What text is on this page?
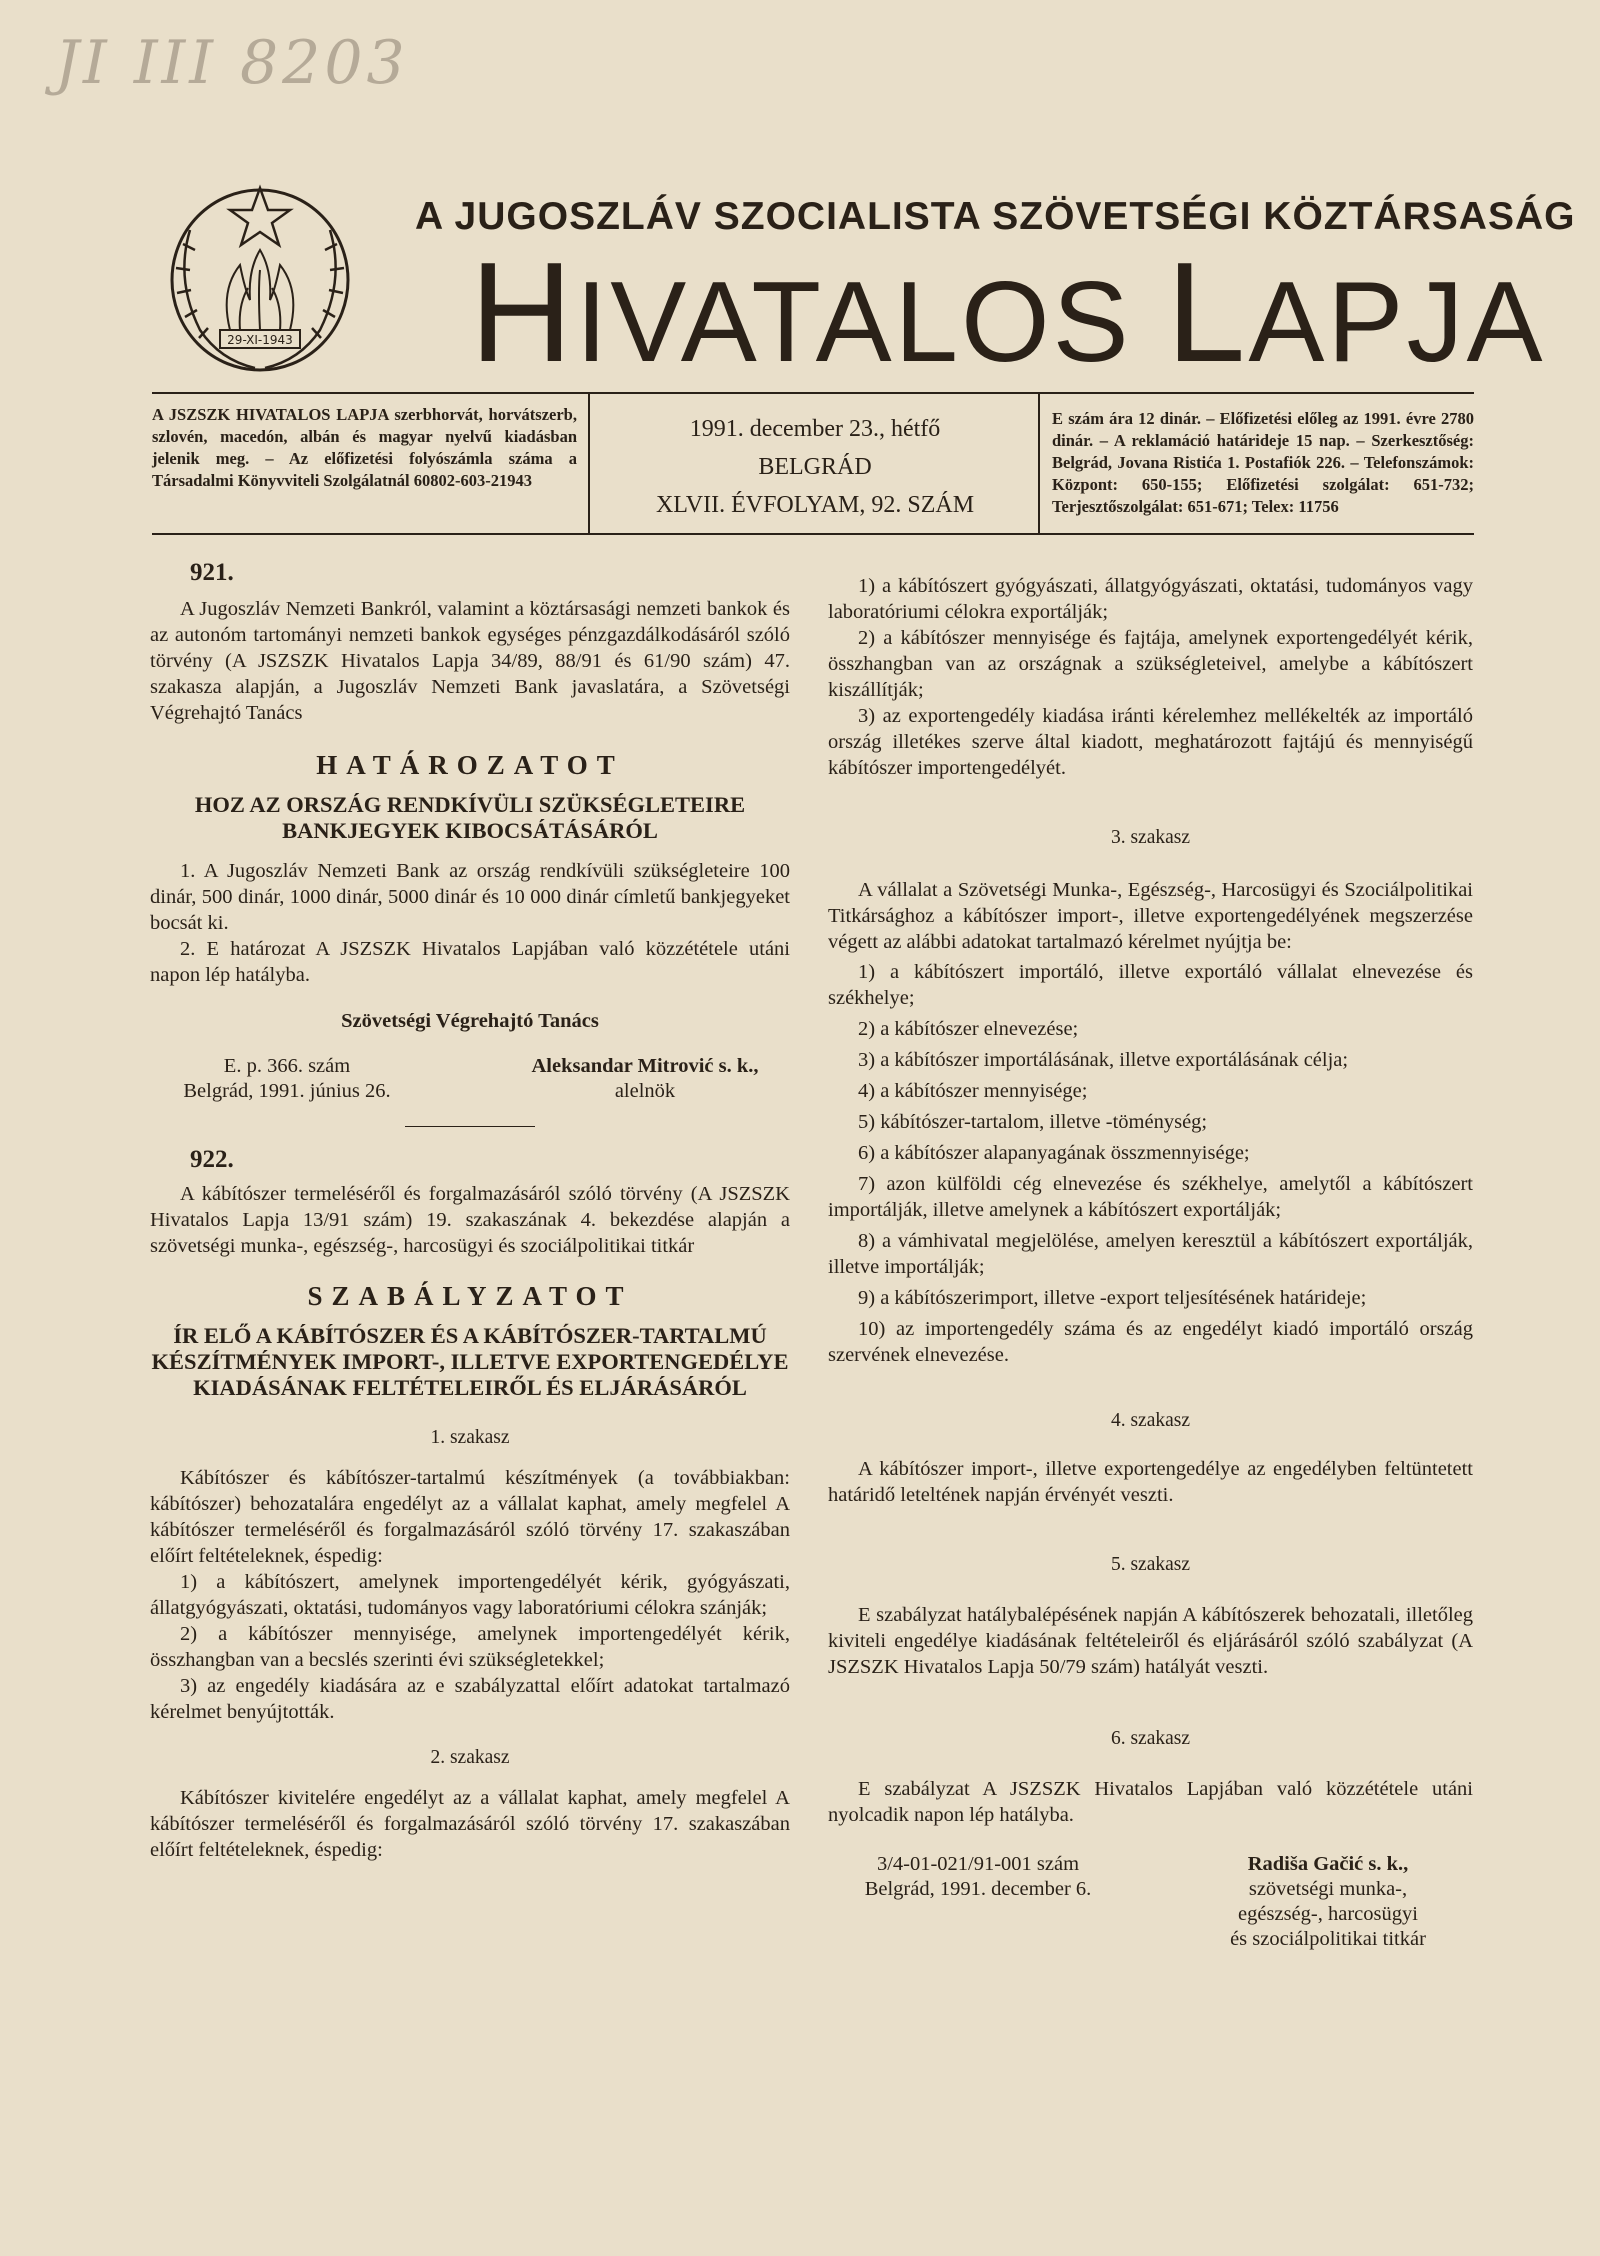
JI III 8203
29-XI-1943
A JUGOSZLÁV SZOCIALISTA SZÖVETSÉGI KÖZTÁRSASÁG
HIVATALOS LAPJA
A JSZSZK HIVATALOS LAPJA szerbhorvát, horvátszerb, szlovén, macedón, albán és magyar nyelvű kiadásban jelenik meg. – Az előfizetési folyószámla száma a Társadalmi Könyvviteli Szolgálatnál 60802-603-21943
1991. december 23., hétfő
BELGRÁD
XLVII. ÉVFOLYAM, 92. SZÁM
E szám ára 12 dinár. – Előfizetési előleg az 1991. évre 2780 dinár. – A reklamáció határideje 15 nap. – Szerkesztőség: Belgrád, Jovana Ristića 1. Postafiók 226. – Telefonszámok: Központ: 650-155; Előfizetési szolgálat: 651-732; Terjesztőszolgálat: 651-671; Telex: 11756

921.

A Jugoszláv Nemzeti Bankról, valamint a köztársasági nemzeti bankok és az autonóm tartományi nemzeti bankok egységes pénzgazdálkodásáról szóló törvény (A JSZSZK Hivatalos Lapja 34/89, 88/91 és 61/90 szám) 47. szakasza alapján, a Jugoszláv Nemzeti Bank javaslatára, a Szövetségi Végrehajtó Tanács

HATÁROZATOT

HOZ AZ ORSZÁG RENDKÍVÜLI SZÜKSÉGLETEIRE BANKJEGYEK KIBOCSÁTÁSÁRÓL

1. A Jugoszláv Nemzeti Bank az ország rendkívüli szükségleteire 100 dinár, 500 dinár, 1000 dinár, 5000 dinár és 10 000 dinár címletű bankjegyeket bocsát ki.

2. E határozat A JSZSZK Hivatalos Lapjában való közzététele utáni napon lép hatályba.

Szövetségi Végrehajtó Tanács

E. p. 366. szám
Belgrád, 1991. június 26.
Aleksandar Mitrović s. k.,
alelnök

922.

A kábítószer termeléséről és forgalmazásáról szóló törvény (A JSZSZK Hivatalos Lapja 13/91 szám) 19. szakaszának 4. bekezdése alapján a szövetségi munka-, egészség-, harcosügyi és szociálpolitikai titkár

SZABÁLYZATOT

ÍR ELŐ A KÁBÍTÓSZER ÉS A KÁBÍTÓSZER-TARTALMÚ KÉSZÍTMÉNYEK IMPORT-, ILLETVE EXPORTENGEDÉLYE KIADÁSÁNAK FELTÉTELEIRŐL ÉS ELJÁRÁSÁRÓL

1. szakasz

Kábítószer és kábítószer-tartalmú készítmények (a továbbiakban: kábítószer) behozatalára engedélyt az a vállalat kaphat, amely megfelel A kábítószer termeléséről és forgalmazásáról szóló törvény 17. szakaszában előírt feltételeknek, éspedig:

1) a kábítószert, amelynek importengedélyét kérik, gyógyászati, állatgyógyászati, oktatási, tudományos vagy laboratóriumi célokra szánják;

2) a kábítószer mennyisége, amelynek importengedélyét kérik, összhangban van a becslés szerinti évi szükségletekkel;

3) az engedély kiadására az e szabályzattal előírt adatokat tartalmazó kérelmet benyújtották.

2. szakasz

Kábítószer kivitelére engedélyt az a vállalat kaphat, amely megfelel A kábítószer termeléséről és forgalmazásáról szóló törvény 17. szakaszában előírt feltételeknek, éspedig:

1) a kábítószert gyógyászati, állatgyógyászati, oktatási, tudományos vagy laboratóriumi célokra exportálják;

2) a kábítószer mennyisége és fajtája, amelynek exportengedélyét kérik, összhangban van az országnak a szükségleteivel, amelybe a kábítószert kiszállítják;

3) az exportengedély kiadása iránti kérelemhez mellékelték az importáló ország illetékes szerve által kiadott, meghatározott fajtájú és mennyiségű kábítószer importengedélyét.

3. szakasz

A vállalat a Szövetségi Munka-, Egészség-, Harcosügyi és Szociálpolitikai Titkársághoz a kábítószer import-, illetve exportengedélyének megszerzése végett az alábbi adatokat tartalmazó kérelmet nyújtja be:

1) a kábítószert importáló, illetve exportáló vállalat elnevezése és székhelye;

2) a kábítószer elnevezése;

3) a kábítószer importálásának, illetve exportálásának célja;

4) a kábítószer mennyisége;

5) kábítószer-tartalom, illetve -töménység;

6) a kábítószer alapanyagának összmennyisége;

7) azon külföldi cég elnevezése és székhelye, amelytől a kábítószert importálják, illetve amelynek a kábítószert exportálják;

8) a vámhivatal megjelölése, amelyen keresztül a kábítószert exportálják, illetve importálják;

9) a kábítószerimport, illetve -export teljesítésének határideje;

10) az importengedély száma és az engedélyt kiadó importáló ország szervének elnevezése.

4. szakasz

A kábítószer import-, illetve exportengedélye az engedélyben feltüntetett határidő leteltének napján érvényét veszti.

5. szakasz

E szabályzat hatálybalépésének napján A kábítószerek behozatali, illetőleg kiviteli engedélye kiadásának feltételeiről és eljárásáról szóló szabályzat (A JSZSZK Hivatalos Lapja 50/79 szám) hatályát veszti.

6. szakasz

E szabályzat A JSZSZK Hivatalos Lapjában való közzététele utáni nyolcadik napon lép hatályba.

3/4-01-021/91-001 szám
Belgrád, 1991. december 6.
Radiša Gačić s. k.,
szövetségi munka-,
egészség-, harcosügyi
és szociálpolitikai titkár
